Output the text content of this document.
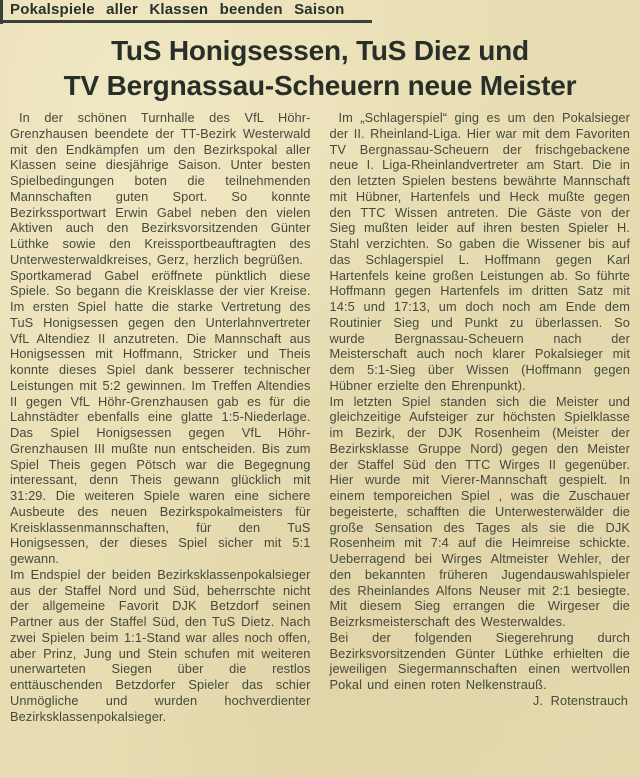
Pokalspiele aller Klassen beenden Saison
TuS Honigsessen, TuS Diez und
TV Bergnassau-Scheuern neue Meister

In der schönen Turnhalle des VfL Höhr-Grenzhausen beendete der TT-Bezirk Westerwald mit den Endkämpfen um den Bezirkspokal aller Klassen seine diesjährige Saison. Unter besten Spielbedingungen boten die teilnehmenden Mannschaften guten Sport. So konnte Bezirkssportwart Erwin Gabel neben den vielen Aktiven auch den Bezirksvorsitzenden Günter Lüthke sowie den Kreissportbeauftragten des Unterwesterwaldkreises, Gerz, herzlich begrüßen.

Sportkamerad Gabel eröffnete pünktlich diese Spiele. So begann die Kreisklasse der vier Kreise. Im ersten Spiel hatte die starke Vertretung des TuS Honigsessen gegen den Unterlahnvertreter VfL Altendiez II anzutreten. Die Mannschaft aus Honigsessen mit Hoffmann, Stricker und Theis konnte dieses Spiel dank besserer technischer Leistungen mit 5:2 gewinnen. Im Treffen Altendies II gegen VfL Höhr-Grenzhausen gab es für die Lahnstädter ebenfalls eine glatte 1:5-Niederlage. Das Spiel Honigsessen gegen VfL Höhr-Grenzhausen III mußte nun entscheiden. Bis zum Spiel Theis gegen Pötsch war die Begegnung interessant, denn Theis gewann glücklich mit 31:29. Die weiteren Spiele waren eine sichere Ausbeute des neuen Bezirkspokalmeisters für Kreisklassenmannschaften, für den TuS Honigsessen, der dieses Spiel sicher mit 5:1 gewann.

Im Endspiel der beiden Bezirksklassenpokalsieger aus der Staffel Nord und Süd, beherrschte nicht der allgemeine Favorit DJK Betzdorf seinen Partner aus der Staffel Süd, den TuS Dietz. Nach zwei Spielen beim 1:1-Stand war alles noch offen, aber Prinz, Jung und Stein schufen mit weiteren unerwarteten Siegen über die restlos enttäuschenden Betzdorfer Spieler das schier Unmögliche und wurden hochverdienter Bezirksklassenpokalsieger.

Im „Schlagerspiel“ ging es um den Pokalsieger der II. Rheinland-Liga. Hier war mit dem Favoriten TV Bergnassau-Scheuern der frischgebackene neue I. Liga-Rheinlandvertreter am Start. Die in den letzten Spielen bestens bewährte Mannschaft mit Hübner, Hartenfels und Heck mußte gegen den TTC Wissen antreten. Die Gäste von der Sieg mußten leider auf ihren besten Spieler H. Stahl verzichten. So gaben die Wissener bis auf das Schlagerspiel L. Hoffmann gegen Karl Hartenfels keine großen Leistungen ab. So führte Hoffmann gegen Hartenfels im dritten Satz mit 14:5 und 17:13, um doch noch am Ende dem Routinier Sieg und Punkt zu überlassen. So wurde Bergnassau-Scheuern nach der Meisterschaft auch noch klarer Pokalsieger mit dem 5:1-Sieg über Wissen (Hoffmann gegen Hübner erzielte den Ehrenpunkt).

Im letzten Spiel standen sich die Meister und gleichzeitige Aufsteiger zur höchsten Spielklasse im Bezirk, der DJK Rosenheim (Meister der Bezirksklasse Gruppe Nord) gegen den Meister der Staffel Süd den TTC Wirges II gegenüber. Hier wurde mit Vierer-Mannschaft gespielt. In einem temporeichen Spiel , was die Zuschauer begeisterte, schafften die Unterwesterwälder die große Sensation des Tages als sie die DJK Rosenheim mit 7:4 auf die Heimreise schickte. Ueberragend bei Wirges Altmeister Wehler, der den bekannten früheren Jugendauswahlspieler des Rheinlandes Alfons Neuser mit 2:1 besiegte. Mit diesem Sieg errangen die Wirgeser die Beizrksmeisterschaft des Westerwaldes.

Bei der folgenden Siegerehrung durch Bezirksvorsitzenden Günter Lüthke erhielten die jeweiligen Siegermannschaften einen wertvollen Pokal und einen roten Nelkenstrauß.

J. Rotenstrauch
